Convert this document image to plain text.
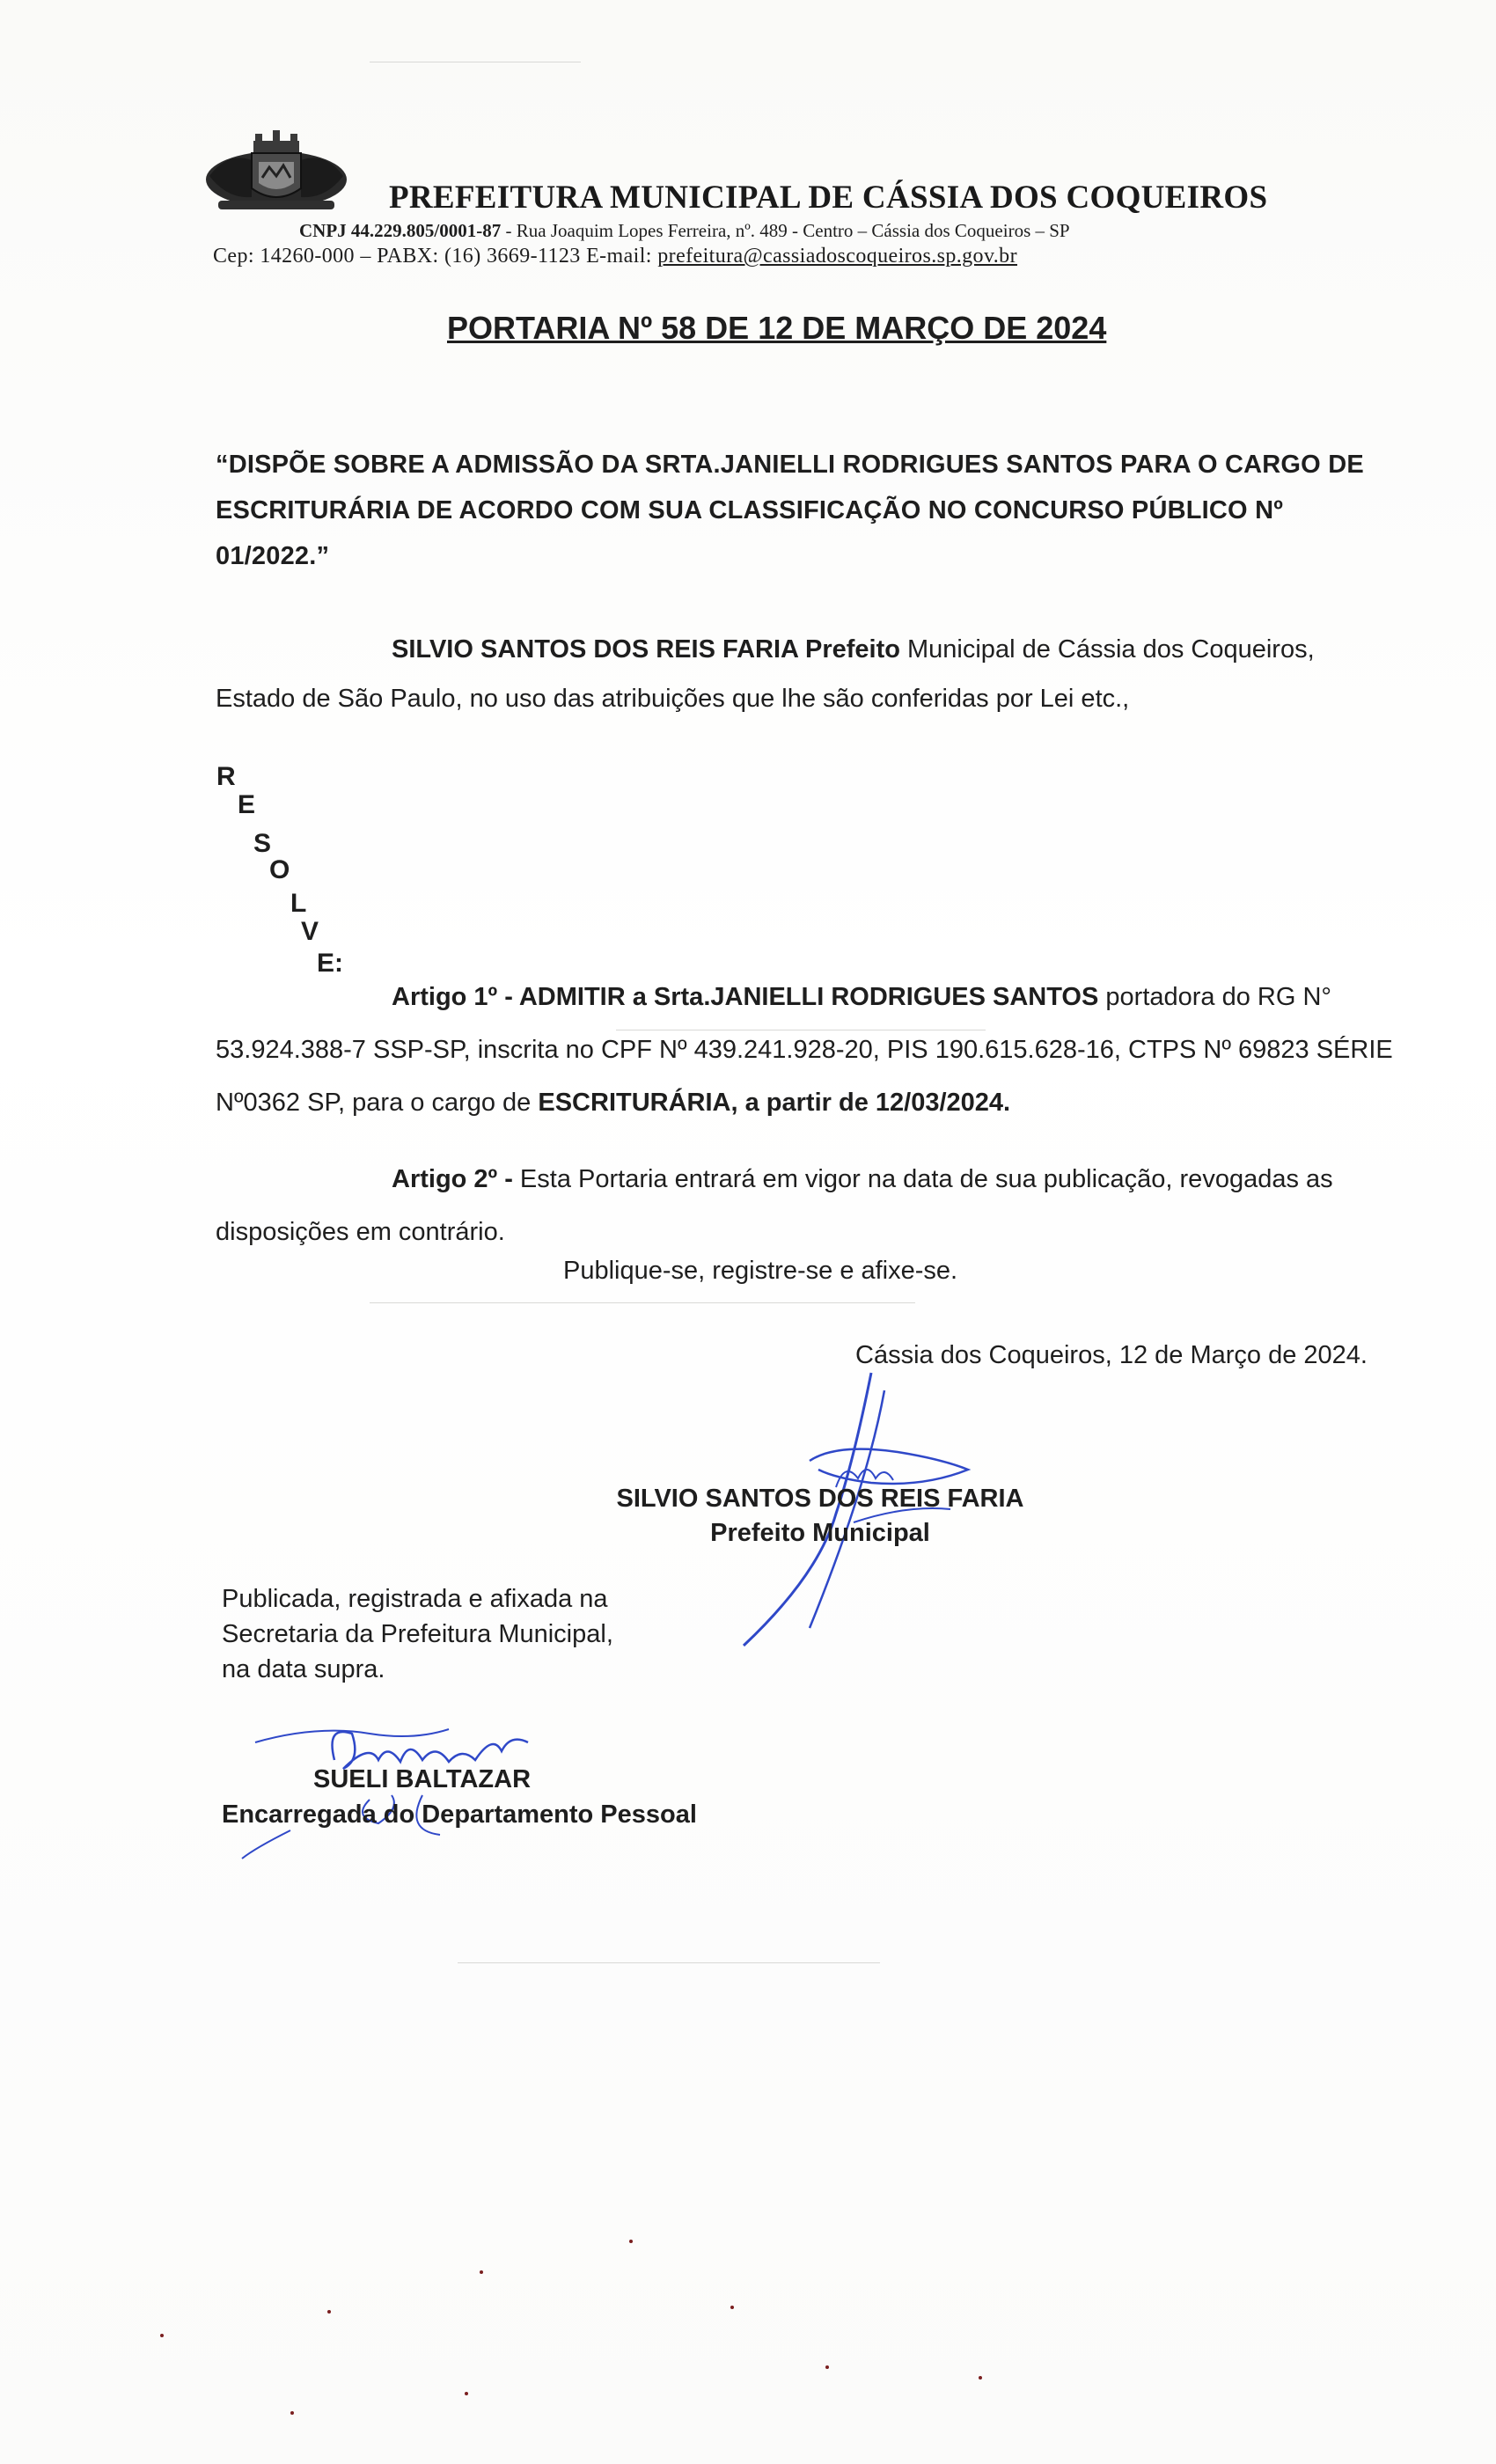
PREFEITURA MUNICIPAL DE CÁSSIA DOS COQUEIROS
CNPJ 44.229.805/0001-87 - Rua Joaquim Lopes Ferreira, nº. 489 - Centro – Cássia dos Coqueiros – SP
Cep: 14260-000 – PABX: (16) 3669-1123 E-mail: prefeitura@cassiadoscoqueiros.sp.gov.br
PORTARIA Nº 58 DE 12 DE MARÇO DE 2024
“DISPÕE SOBRE A ADMISSÃO DA SRTA.JANIELLI RODRIGUES SANTOS PARA O CARGO DE ESCRITURÁRIA DE ACORDO COM SUA CLASSIFICAÇÃO NO CONCURSO PÚBLICO Nº 01/2022.”
SILVIO SANTOS DOS REIS FARIA Prefeito Municipal de Cássia dos Coqueiros, Estado de São Paulo, no uso das atribuições que lhe são conferidas por Lei etc.,
R
E
S
O
L
V
E:
Artigo 1º - ADMITIR a Srta.JANIELLI RODRIGUES SANTOS portadora do RG N° 53.924.388-7 SSP-SP, inscrita no CPF Nº 439.241.928-20, PIS 190.615.628-16, CTPS Nº 69823 SÉRIE Nº0362 SP, para o cargo de ESCRITURÁRIA, a partir de 12/03/2024.
Artigo 2º - Esta Portaria entrará em vigor na data de sua publicação, revogadas as disposições em contrário.
Publique-se, registre-se e afixe-se.
Cássia dos Coqueiros, 12 de Março de 2024.
SILVIO SANTOS DOS REIS FARIA
Prefeito Municipal
Publicada, registrada e afixada na
Secretaria da Prefeitura Municipal,
na data supra.
SUELI BALTAZAR
Encarregada do Departamento Pessoal
